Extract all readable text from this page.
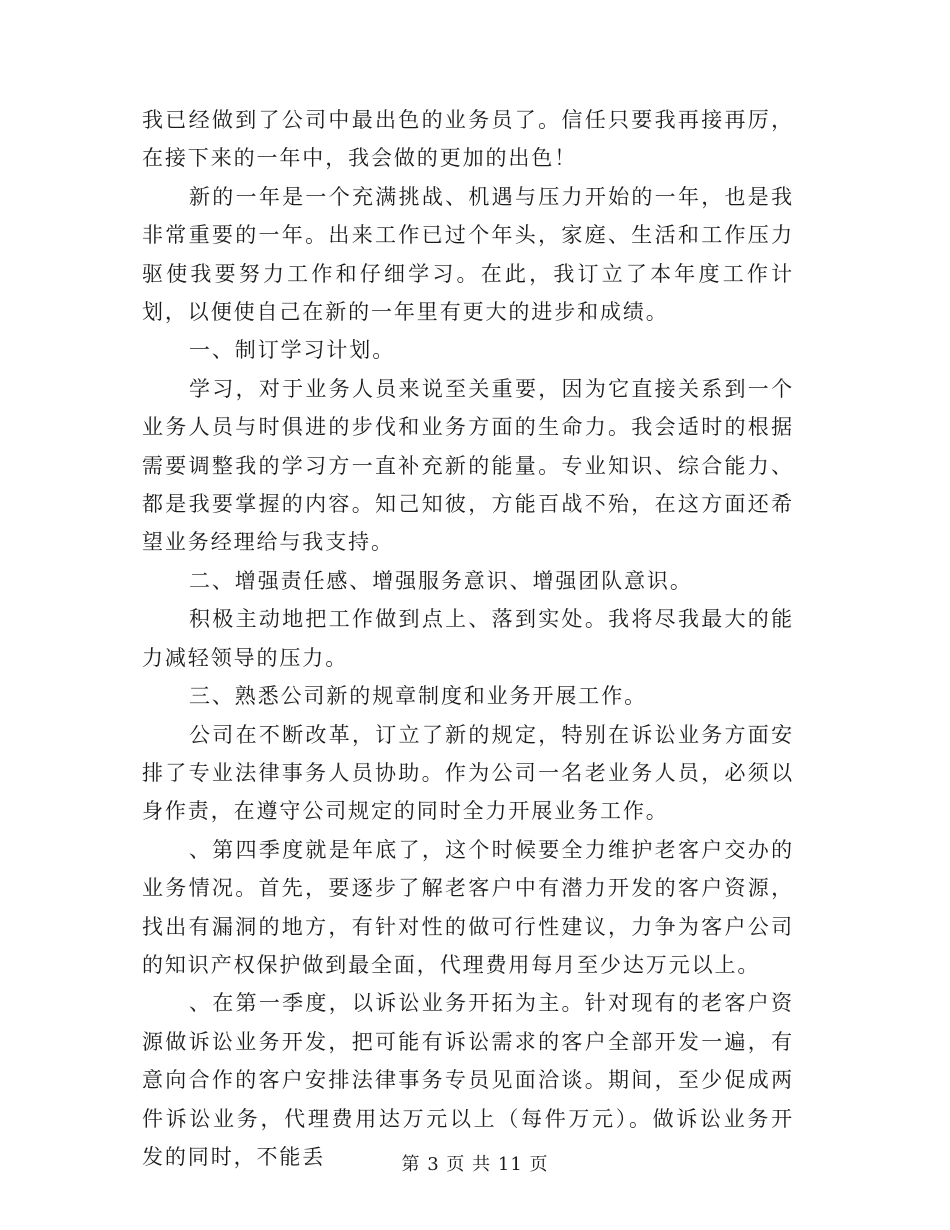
我已经做到了公司中最出色的业务员了。信任只要我再接再厉，在接下来的一年中，我会做的更加的出色！

新的一年是一个充满挑战、机遇与压力开始的一年，也是我非常重要的一年。出来工作已过个年头，家庭、生活和工作压力驱使我要努力工作和仔细学习。在此，我订立了本年度工作计划，以便使自己在新的一年里有更大的进步和成绩。

一、制订学习计划。

学习，对于业务人员来说至关重要，因为它直接关系到一个业务人员与时俱进的步伐和业务方面的生命力。我会适时的根据需要调整我的学习方一直补充新的能量。专业知识、综合能力、都是我要掌握的内容。知己知彼，方能百战不殆，在这方面还希望业务经理给与我支持。

二、增强责任感、增强服务意识、增强团队意识。

积极主动地把工作做到点上、落到实处。我将尽我最大的能力减轻领导的压力。

三、熟悉公司新的规章制度和业务开展工作。

公司在不断改革，订立了新的规定，特别在诉讼业务方面安排了专业法律事务人员协助。作为公司一名老业务人员，必须以身作责，在遵守公司规定的同时全力开展业务工作。

、第四季度就是年底了，这个时候要全力维护老客户交办的业务情况。首先，要逐步了解老客户中有潜力开发的客户资源，找出有漏洞的地方，有针对性的做可行性建议，力争为客户公司的知识产权保护做到最全面，代理费用每月至少达万元以上。

、在第一季度，以诉讼业务开拓为主。针对现有的老客户资源做诉讼业务开发，把可能有诉讼需求的客户全部开发一遍，有意向合作的客户安排法律事务专员见面洽谈。期间，至少促成两件诉讼业务，代理费用达万元以上（每件万元）。做诉讼业务开发的同时，不能丢	第 3 页 共 11 页
